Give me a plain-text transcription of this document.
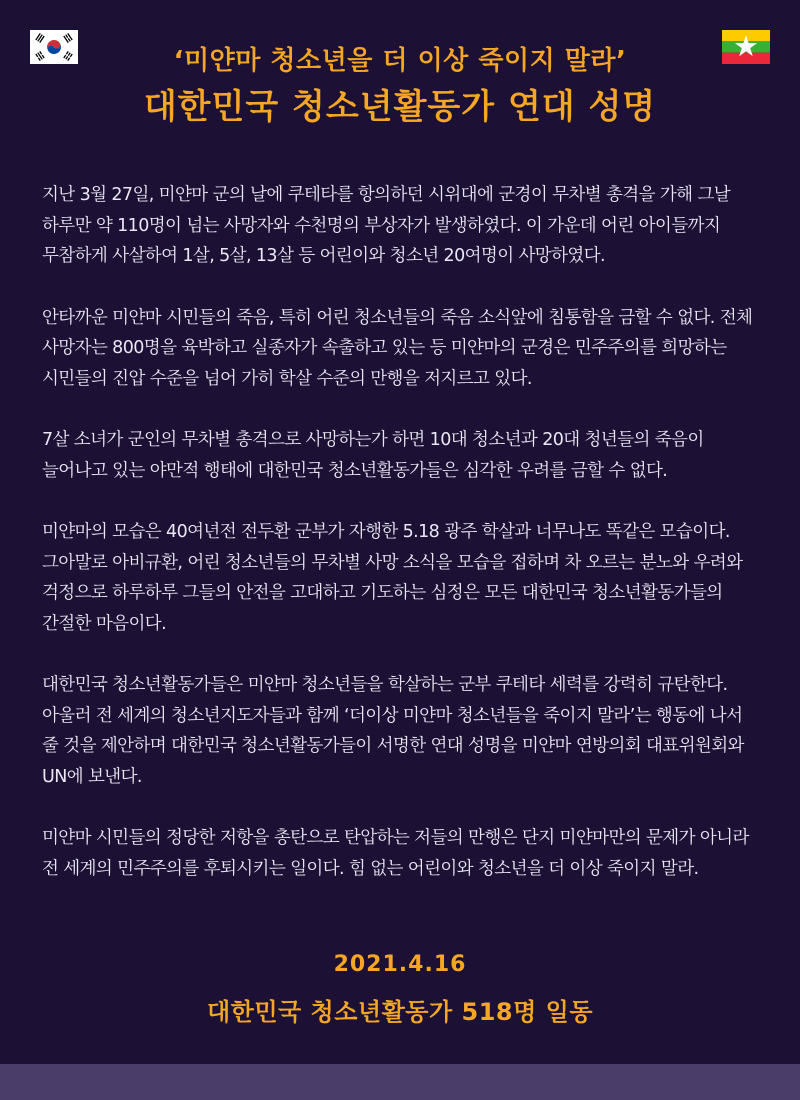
‘미얀마 청소년을 더 이상 죽이지 말라’
대한민국 청소년활동가 연대 성명

지난 3월 27일, 미얀마 군의 날에 쿠테타를 항의하던 시위대에 군경이 무차별 총격을 가해 그날 하루만 약 110명이 넘는 사망자와 수천명의 부상자가 발생하였다. 이 가운데 어린 아이들까지 무참하게 사살하여 1살, 5살, 13살 등 어린이와 청소년 20여명이 사망하였다.

안타까운 미얀마 시민들의 죽음, 특히 어린 청소년들의 죽음 소식앞에 침통함을 금할 수 없다. 전체 사망자는 800명을 육박하고 실종자가 속출하고 있는 등 미얀마의 군경은 민주주의를 희망하는 시민들의 진압 수준을 넘어 가히 학살 수준의 만행을 저지르고 있다.

7살 소녀가 군인의 무차별 총격으로 사망하는가 하면 10대 청소년과 20대 청년들의 죽음이 늘어나고 있는 야만적 행태에 대한민국 청소년활동가들은 심각한 우려를 금할 수 없다.

미얀마의 모습은 40여년전 전두환 군부가 자행한 5.18 광주 학살과 너무나도 똑같은 모습이다. 그아말로 아비규환, 어린 청소년들의 무차별 사망 소식을 모습을 접하며 차 오르는 분노와 우려와 걱정으로 하루하루 그들의 안전을 고대하고 기도하는 심정은 모든 대한민국 청소년활동가들의 간절한 마음이다.

대한민국 청소년활동가들은 미얀마 청소년들을 학살하는 군부 쿠테타 세력를 강력히 규탄한다. 아울러 전 세계의 청소년지도자들과 함께 ‘더이상 미얀마 청소년들을 죽이지 말라’는 행동에 나서 줄 것을 제안하며 대한민국 청소년활동가들이 서명한 연대 성명을 미얀마 연방의회 대표위원회와 UN에 보낸다.

미얀마 시민들의 정당한 저항을 총탄으로 탄압하는 저들의 만행은 단지 미얀마만의 문제가 아니라 전 세계의 민주주의를 후퇴시키는 일이다. 힘 없는 어린이와 청소년을 더 이상 죽이지 말라.

2021.4.16
대한민국 청소년활동가 518명 일동
